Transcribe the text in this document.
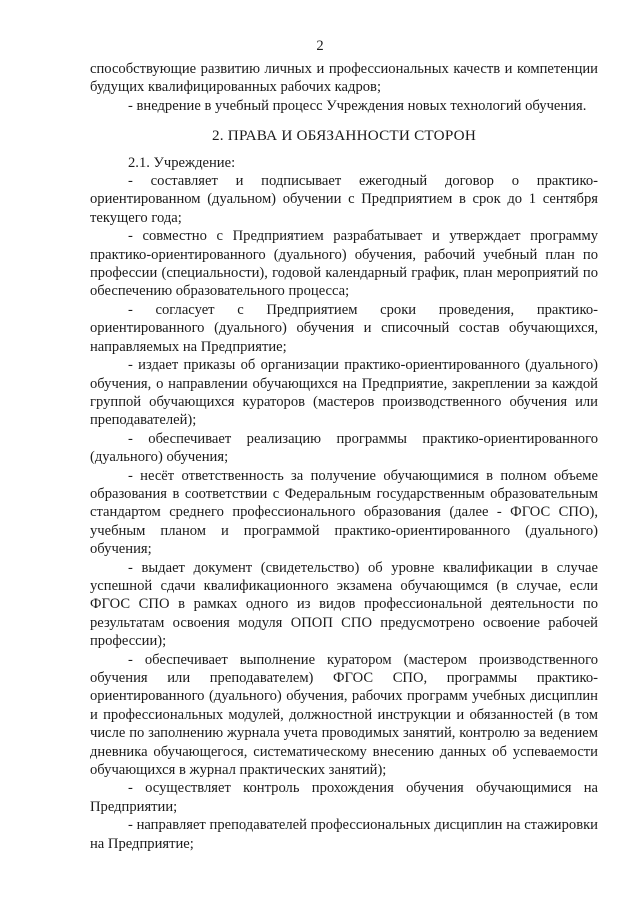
2

способствующие развитию личных и профессиональных качеств и компетенции будущих квалифицированных рабочих кадров;

- внедрение в учебный процесс Учреждения новых технологий обучения.

2. ПРАВА И ОБЯЗАННОСТИ СТОРОН

2.1. Учреждение:

- составляет и подписывает ежегодный договор о практико-ориентированном (дуальном) обучении с Предприятием в срок до 1 сентября текущего года;

- совместно с Предприятием разрабатывает и утверждает программу практико-ориентированного (дуального) обучения, рабочий учебный план по профессии (специальности), годовой календарный график, план мероприятий по обеспечению образовательного процесса;

- согласует с Предприятием сроки проведения, практико-ориентированного (дуального) обучения и списочный состав обучающихся, направляемых на Предприятие;

- издает приказы об организации практико-ориентированного (дуального) обучения, о направлении обучающихся на Предприятие, закреплении за каждой группой обучающихся кураторов (мастеров производственного обучения или преподавателей);

- обеспечивает реализацию программы практико-ориентированного (дуального) обучения;

- несёт ответственность за получение обучающимися в полном объеме образования в соответствии с Федеральным государственным образовательным стандартом среднего профессионального образования (далее - ФГОС СПО), учебным планом и программой практико-ориентированного (дуального) обучения;

- выдает документ (свидетельство) об уровне квалификации в случае успешной сдачи квалификационного экзамена обучающимся (в случае, если ФГОС СПО в рамках одного из видов профессиональной деятельности по результатам освоения модуля ОПОП СПО предусмотрено освоение рабочей профессии);

- обеспечивает выполнение куратором (мастером производственного обучения или преподавателем) ФГОС СПО, программы практико-ориентированного (дуального) обучения, рабочих программ учебных дисциплин и профессиональных модулей, должностной инструкции и обязанностей (в том числе по заполнению журнала учета проводимых занятий, контролю за ведением дневника обучающегося, систематическому внесению данных об успеваемости обучающихся в журнал практических занятий);

- осуществляет контроль прохождения обучения обучающимися на Предприятии;

- направляет преподавателей профессиональных дисциплин на стажировки на Предприятие;
